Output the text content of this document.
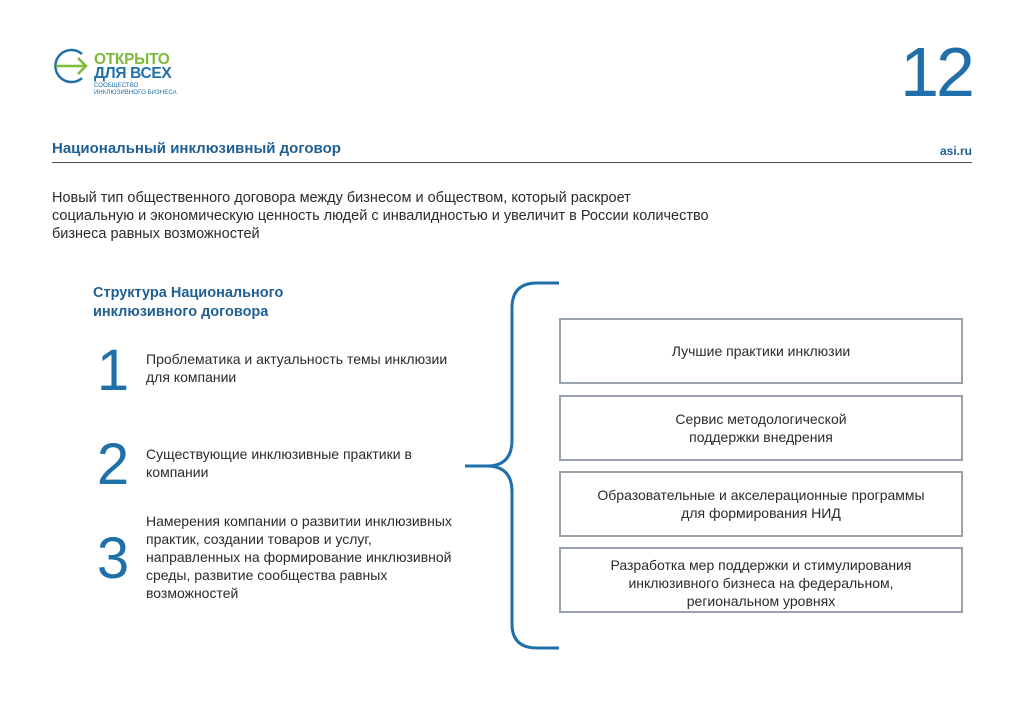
ОТКРЫТО
ДЛЯ ВСЕХ
СООБЩЕСТВО
ИНКЛЮЗИВНОГО БИЗНЕСА	12
Национальный инклюзивный договор	asi.ru
Новый тип общественного договора между бизнесом и обществом, который раскроет социальную и экономическую ценность людей с инвалидностью и увеличит в России количество бизнеса равных возможностей
Структура Национального инклюзивного договора
1 Проблематика и актуальность темы инклюзии для компании
2 Существующие инклюзивные практики в компании
3
Намерения компании о развитии инклюзивных практик, создании товаров и услуг, направленных на формирование инклюзивной среды, развитие сообщества равных возможностей
Лучшие практики инклюзии
Сервис методологической
поддержки внедрения
Образовательные и акселерационные программы
для формирования НИД
Разработка мер поддержки и стимулирования
инклюзивного бизнеса на федеральном,
региональном уровнях
